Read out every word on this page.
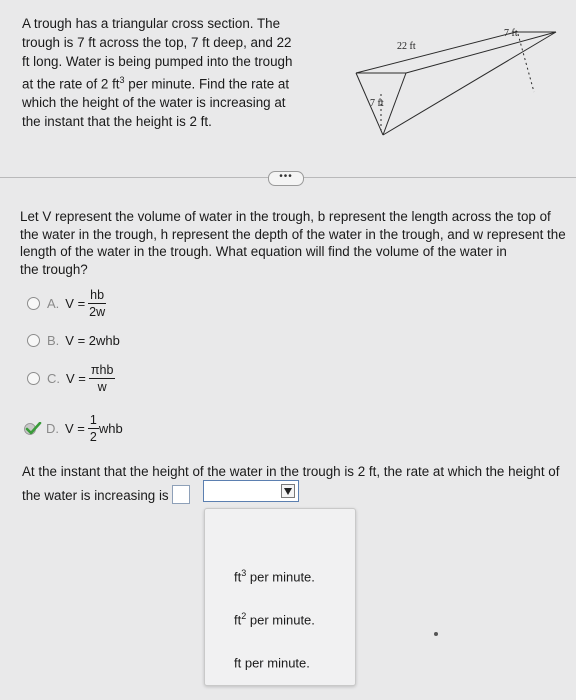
A trough has a triangular cross section. The
trough is 7 ft across the top, 7 ft deep, and 22
ft long. Water is being pumped into the trough
at the rate of 2 $ft^3$ per minute. Find the rate at
which the height of the water is increasing at
the instant that the height is 2 ft.
7 ft
22 ft
7 ft
•••
Let V represent the volume of water in the trough, b represent the length across the top of
the water in the trough, h represent the depth of the water in the trough, and w represent the
length of the water in the trough. What equation will find the volume of the water in
the trough?
A. $V = \frac{hb}{2w}$
B. V = 2whb
C. $V = \frac{\text{πhb}}{w}$
D. $V = \frac{1}{2}$ whb
At the instant that the height of the water in the trough is 2 ft, the rate at which the height of
the water is increasing is
$ft^3$ per minute.
$ft^2$ per minute.
ft per minute.
